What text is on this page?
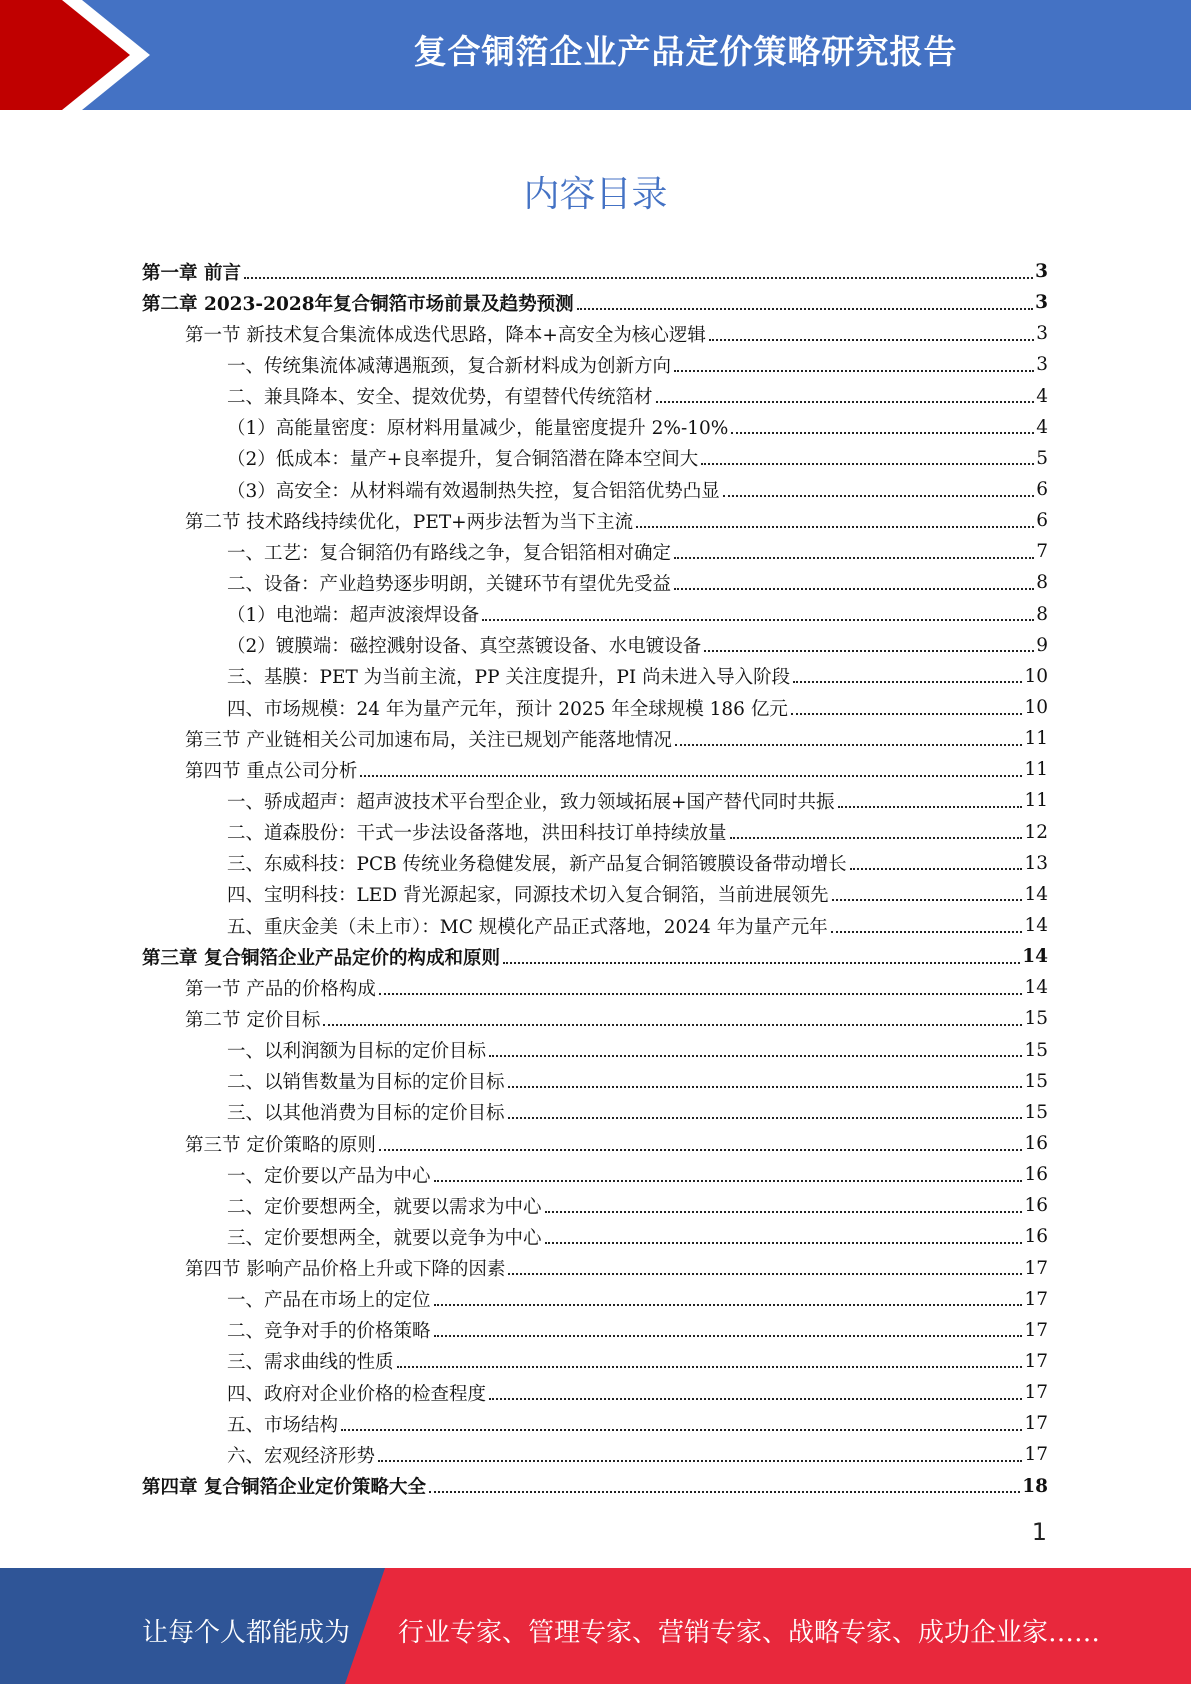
复合铜箔企业产品定价策略研究报告
内容目录
第一章 前言	3
第二章 2023-2028年复合铜箔市场前景及趋势预测	3
第一节 新技术复合集流体成迭代思路，降本+高安全为核心逻辑	3
一、传统集流体减薄遇瓶颈，复合新材料成为创新方向	3
二、兼具降本、安全、提效优势，有望替代传统箔材	4
（1）高能量密度：原材料用量减少，能量密度提升 2%-10%	4
（2）低成本：量产+良率提升，复合铜箔潜在降本空间大	5
（3）高安全：从材料端有效遏制热失控，复合铝箔优势凸显	6
第二节 技术路线持续优化，PET+两步法暂为当下主流	6
一、工艺：复合铜箔仍有路线之争，复合铝箔相对确定	7
二、设备：产业趋势逐步明朗，关键环节有望优先受益	8
（1）电池端：超声波滚焊设备	8
（2）镀膜端：磁控溅射设备、真空蒸镀设备、水电镀设备	9
三、基膜：PET 为当前主流，PP 关注度提升，PI 尚未进入导入阶段	10
四、市场规模：24 年为量产元年，预计 2025 年全球规模 186 亿元	10
第三节 产业链相关公司加速布局，关注已规划产能落地情况	11
第四节 重点公司分析	11
一、骄成超声：超声波技术平台型企业，致力领域拓展+国产替代同时共振	11
二、道森股份：干式一步法设备落地，洪田科技订单持续放量	12
三、东威科技：PCB 传统业务稳健发展，新产品复合铜箔镀膜设备带动增长	13
四、宝明科技：LED 背光源起家，同源技术切入复合铜箔，当前进展领先	14
五、重庆金美（未上市）：MC 规模化产品正式落地，2024 年为量产元年	14
第三章 复合铜箔企业产品定价的构成和原则	14
第一节 产品的价格构成	14
第二节 定价目标	15
一、以利润额为目标的定价目标	15
二、以销售数量为目标的定价目标	15
三、以其他消费为目标的定价目标	15
第三节 定价策略的原则	16
一、定价要以产品为中心	16
二、定价要想两全，就要以需求为中心	16
三、定价要想两全，就要以竞争为中心	16
第四节 影响产品价格上升或下降的因素	17
一、产品在市场上的定位	17
二、竞争对手的价格策略	17
三、需求曲线的性质	17
四、政府对企业价格的检查程度	17
五、市场结构	17
六、宏观经济形势	17
第四章 复合铜箔企业定价策略大全	18
1
让每个人都能成为 行业专家、管理专家、营销专家、战略专家、成功企业家……
